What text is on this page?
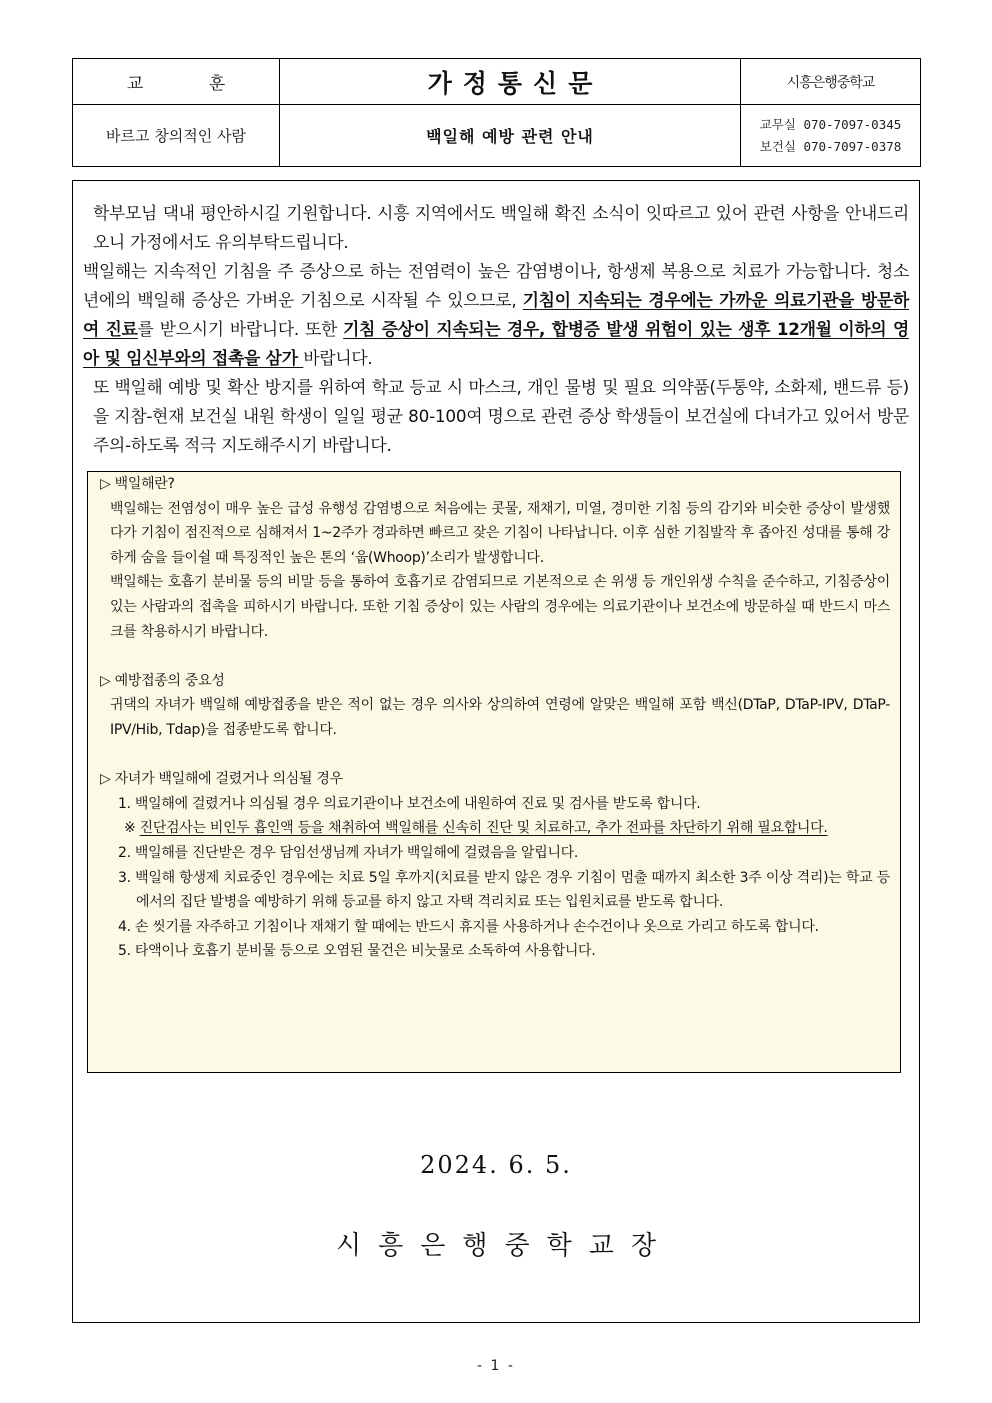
교 훈	가정통신문	시흥은행중학교
바르고 창의적인 사람	백일해 예방 관련 안내	교무실 070-7097-0345
보건실 070-7097-0378

학부모님 댁내 평안하시길 기원합니다. 시흥 지역에서도 백일해 확진 소식이 잇따르고 있어 관련 사항을 안내드리오니 가정에서도 유의부탁드립니다.

백일해는 지속적인 기침을 주 증상으로 하는 전염력이 높은 감염병이나, 항생제 복용으로 치료가 가능합니다. 청소년에의 백일해 증상은 가벼운 기침으로 시작될 수 있으므로, 기침이 지속되는 경우에는 가까운 의료기관을 방문하여 진료를 받으시기 바랍니다. 또한 기침 증상이 지속되는 경우, 합병증 발생 위험이 있는 생후 12개월 이하의 영아 및 임신부와의 접촉을 삼가 바랍니다.

또 백일해 예방 및 확산 방지를 위하여 학교 등교 시 마스크, 개인 물병 및 필요 의약품(두통약, 소화제, 밴드류 등)을 지참-현재 보건실 내원 학생이 일일 평균 80-100여 명으로 관련 증상 학생들이 보건실에 다녀가고 있어서 방문 주의-하도록 적극 지도해주시기 바랍니다.

▷ 백일해란?
백일해는 전염성이 매우 높은 급성 유행성 감염병으로 처음에는 콧물, 재채기, 미열, 경미한 기침 등의 감기와 비슷한 증상이 발생했다가 기침이 점진적으로 심해져서 1~2주가 경과하면 빠르고 잦은 기침이 나타납니다. 이후 심한 기침발작 후 좁아진 성대를 통해 강하게 숨을 들이쉴 때 특징적인 높은 톤의 ‘웁(Whoop)’소리가 발생합니다.
백일해는 호흡기 분비물 등의 비말 등을 통하여 호흡기로 감염되므로 기본적으로 손 위생 등 개인위생 수칙을 준수하고, 기침증상이 있는 사람과의 접촉을 피하시기 바랍니다. 또한 기침 증상이 있는 사람의 경우에는 의료기관이나 보건소에 방문하실 때 반드시 마스크를 착용하시기 바랍니다.
▷ 예방접종의 중요성
귀댁의 자녀가 백일해 예방접종을 받은 적이 없는 경우 의사와 상의하여 연령에 알맞은 백일해 포함 백신(DTaP, DTaP-IPV, DTaP-IPV/Hib, Tdap)을 접종받도록 합니다.
▷ 자녀가 백일해에 걸렸거나 의심될 경우
1. 백일해에 걸렸거나 의심될 경우 의료기관이나 보건소에 내원하여 진료 및 검사를 받도록 합니다.
※ 진단검사는 비인두 흡인액 등을 채취하여 백일해를 신속히 진단 및 치료하고, 추가 전파를 차단하기 위해 필요합니다.
2. 백일해를 진단받은 경우 담임선생님께 자녀가 백일해에 걸렸음을 알립니다.
3. 백일해 항생제 치료중인 경우에는 치료 5일 후까지(치료를 받지 않은 경우 기침이 멈출 때까지 최소한 3주 이상 격리)는 학교 등에서의 집단 발병을 예방하기 위해 등교를 하지 않고 자택 격리치료 또는 입원치료를 받도록 합니다.
4. 손 씻기를 자주하고 기침이나 재채기 할 때에는 반드시 휴지를 사용하거나 손수건이나 옷으로 가리고 하도록 합니다.
5. 타액이나 호흡기 분비물 등으로 오염된 물건은 비눗물로 소독하여 사용합니다.
2024. 6. 5.
시흥은행중학교장
- 1 -
